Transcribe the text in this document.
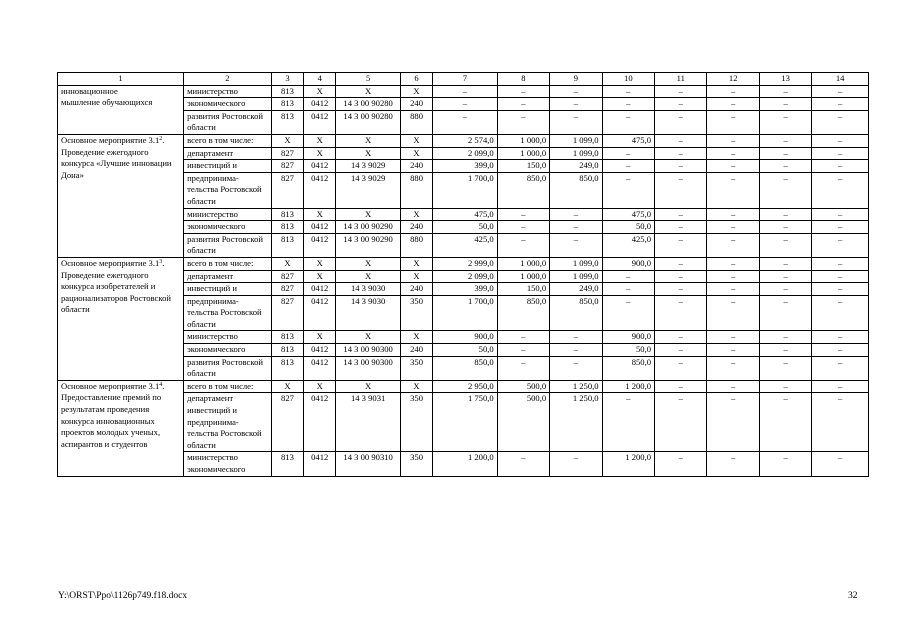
1	2	3	4	5	6	7	8	9	10	11	12	13	14
инновационное
мышление обучающихся	министерство	813	X	X	X	–	–	–	–	–	–	–	–
	экономического	813	0412	14 3 00 90280	240	–	–	–	–	–	–	–	–
	развития Ростовской области	813	0412	14 3 00 90280	880	–	–	–	–	–	–	–	–
Основное мероприятие $3.1^2$.
Проведение ежегодного конкурса «Лучшие инновации Дона»	всего в том числе:	X	X	X	X	2 574,0	1 000,0	1 099,0	475,0	–	–	–	–
	департамент	827	X	X	X	2 099,0	1 000,0	1 099,0	–	–	–	–	–
	инвестиций и	827	0412	14 3 9029	240	399,0	150,0	249,0	–	–	–	–	–
	предпринима-тельства Ростовской области	827	0412	14 3 9029	880	1 700,0	850,0	850,0	–	–	–	–	–
	министерство	813	X	X	X	475,0	–	–	475,0	–	–	–	–
	экономического	813	0412	14 3 00 90290	240	50,0	–	–	50,0	–	–	–	–
	развития Ростовской области	813	0412	14 3 00 90290	880	425,0	–	–	425,0	–	–	–	–
Основное мероприятие $3.1^3$.
Проведение ежегодного конкурса изобретателей и рационализаторов Ростовской области	всего в том числе:	X	X	X	X	2 999,0	1 000,0	1 099,0	900,0	–	–	–	–
	департамент	827	X	X	X	2 099,0	1 000,0	1 099,0	–	–	–	–	–
	инвестиций и	827	0412	14 3 9030	240	399,0	150,0	249,0	–	–	–	–	–
	предпринима-тельства Ростовской области	827	0412	14 3 9030	350	1 700,0	850,0	850,0	–	–	–	–	–
	министерство	813	X	X	X	900,0	–	–	900,0	–	–	–	–
	экономического	813	0412	14 3 00 90300	240	50,0	–	–	50,0	–	–	–	–
	развития Ростовской области	813	0412	14 3 00 90300	350	850,0	–	–	850,0	–	–	–	–
Основное мероприятие $3.1^4$.
Предоставление премий по результатам проведения конкурса инновационных проектов молодых ученых, аспирантов и студентов	всего в том числе:	X	X	X	X	2 950,0	500,0	1 250,0	1 200,0	–	–	–	–
	департамент инвестиций и предпринима-тельства Ростовской области	827	0412	14 3 9031	350	1 750,0	500,0	1 250,0	–	–	–	–	–
	министерство экономического	813	0412	14 3 00 90310	350	1 200,0	–	–	1 200,0	–	–	–	–
Y:\ORST\Ppo\1126p749.f18.docx	32
